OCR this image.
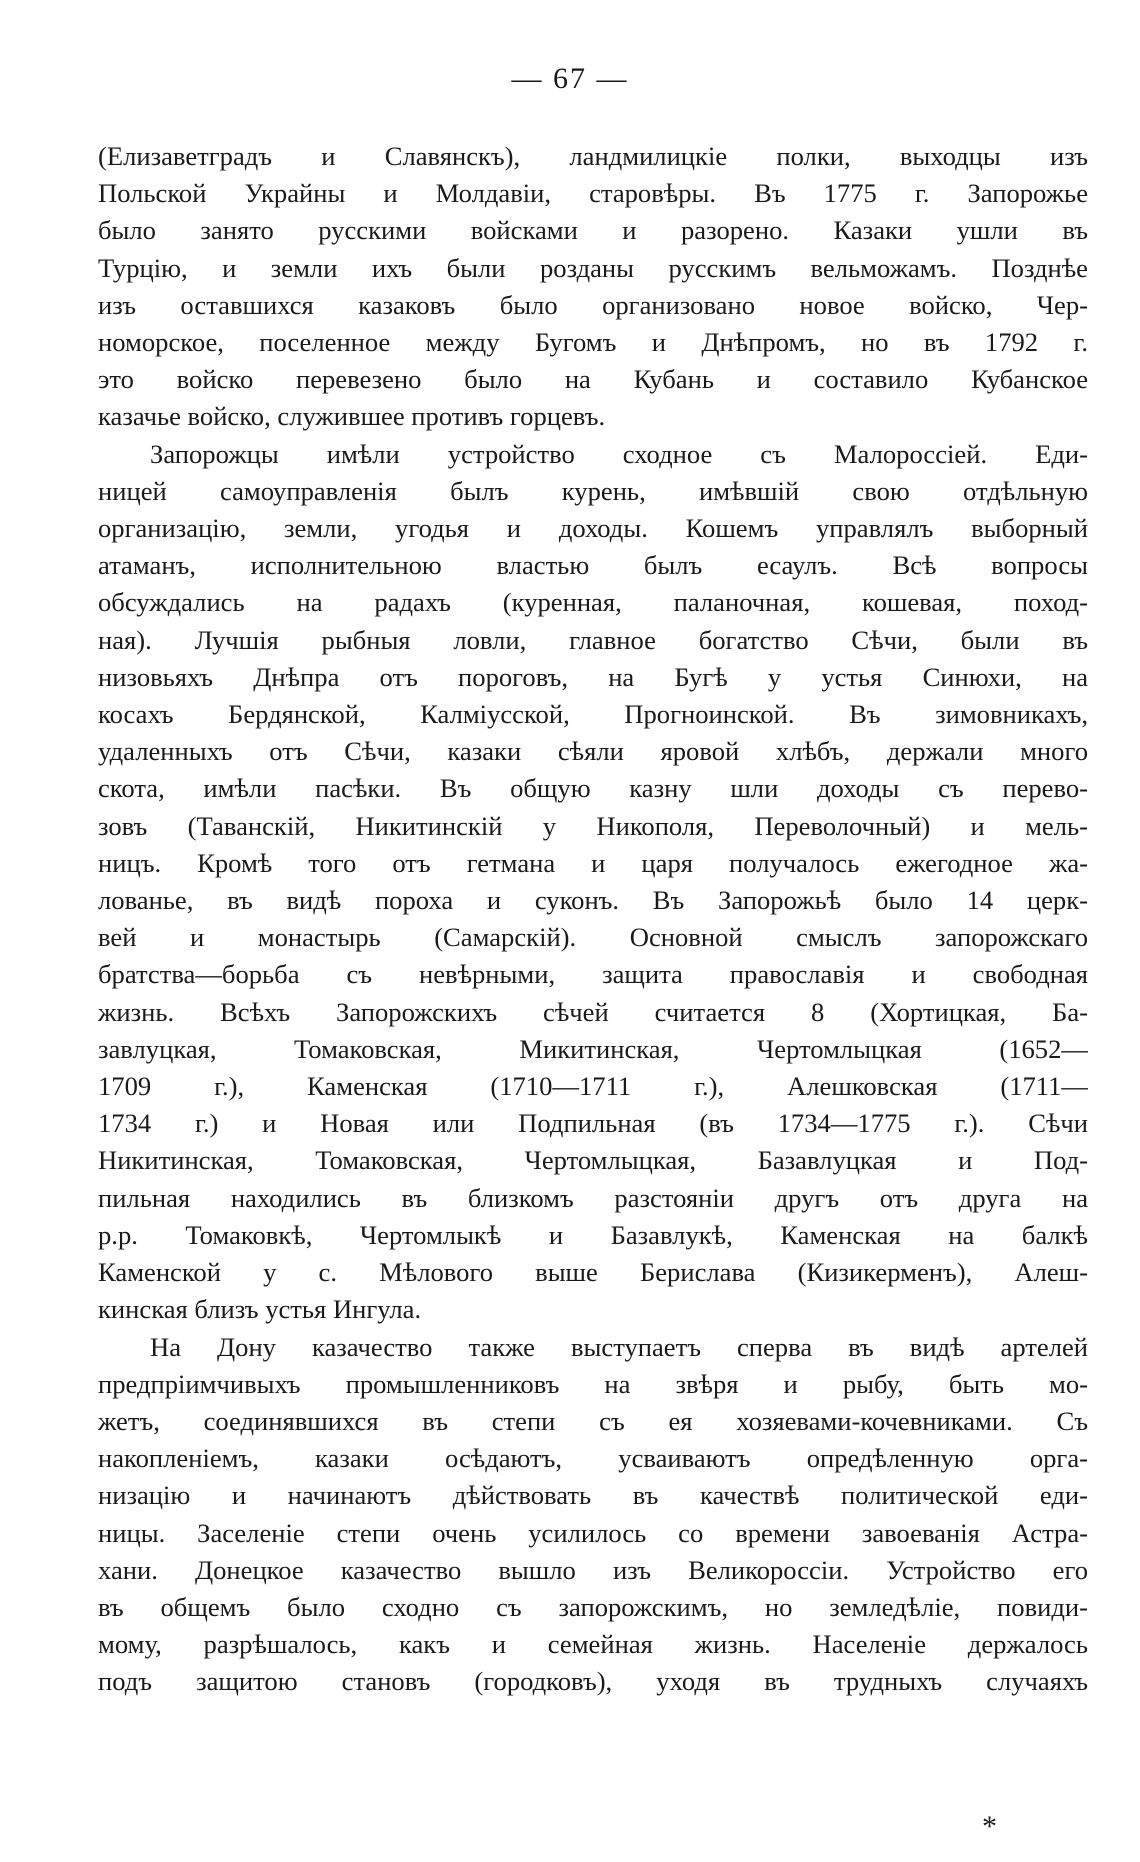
— 67 —
(Елизаветградъ и Славянскъ), ландмилицкіе полки, выходцы изъ
Польской Украйны и Молдавіи, старовѣры. Въ 1775 г. Запорожье
было занято русскими войсками и разорено. Казаки ушли въ
Турцію, и земли ихъ были розданы русскимъ вельможамъ. Позднѣе
изъ оставшихся казаковъ было организовано новое войско, Чер-
номорское, поселенное между Бугомъ и Днѣпромъ, но въ 1792 г.
это войско перевезено было на Кубань и составило Кубанское
казачье войско, служившее противъ горцевъ.
Запорожцы имѣли устройство сходное съ Малороссіей. Еди-
ницей самоуправленія былъ курень, имѣвшій свою отдѣльную
организацію, земли, угодья и доходы. Кошемъ управлялъ выборный
атаманъ, исполнительною властью былъ есаулъ. Всѣ вопросы
обсуждались на радахъ (куренная, паланочная, кошевая, поход-
ная). Лучшія рыбныя ловли, главное богатство Сѣчи, были въ
низовьяхъ Днѣпра отъ пороговъ, на Бугѣ у устья Синюхи, на
косахъ Бердянской, Калміусской, Прогноинской. Въ зимовникахъ,
удаленныхъ отъ Сѣчи, казаки сѣяли яровой хлѣбъ, держали много
скота, имѣли пасѣки. Въ общую казну шли доходы съ перево-
зовъ (Таванскій, Никитинскій у Никополя, Переволочный) и мель-
ницъ. Кромѣ того отъ гетмана и царя получалось ежегодное жа-
лованье, въ видѣ пороха и суконъ. Въ Запорожьѣ было 14 церк-
вей и монастырь (Самарскій). Основной смыслъ запорожскаго
братства—борьба съ невѣрными, защита православія и свободная
жизнь. Всѣхъ Запорожскихъ сѣчей считается 8 (Хортицкая, Ба-
завлуцкая, Томаковская, Микитинская, Чертомлыцкая (1652—
1709 г.), Каменская (1710—1711 г.), Алешковская (1711—
1734 г.) и Новая или Подпильная (въ 1734—1775 г.). Сѣчи
Никитинская, Томаковская, Чертомлыцкая, Базавлуцкая и Под-
пильная находились въ близкомъ разстояніи другъ отъ друга на
р.р. Томаковкѣ, Чертомлыкѣ и Базавлукѣ, Каменская на балкѣ
Каменской у с. Мѣлового выше Берислава (Кизикерменъ), Алеш-
кинская близъ устья Ингула.
На Дону казачество также выступаетъ сперва въ видѣ артелей
предпріимчивыхъ промышленниковъ на звѣря и рыбу, быть мо-
жетъ, соединявшихся въ степи съ ея хозяевами-кочевниками. Съ
накопленіемъ, казаки осѣдаютъ, усваиваютъ опредѣленную орга-
низацію и начинаютъ дѣйствовать въ качествѣ политической еди-
ницы. Заселеніе степи очень усилилось со времени завоеванія Астра-
хани. Донецкое казачество вышло изъ Великороссіи. Устройство его
въ общемъ было сходно съ запорожскимъ, но земледѣліе, повиди-
мому, разрѣшалось, какъ и семейная жизнь. Населеніе держалось
подъ защитою становъ (городковъ), уходя въ трудныхъ случаяхъ
*
